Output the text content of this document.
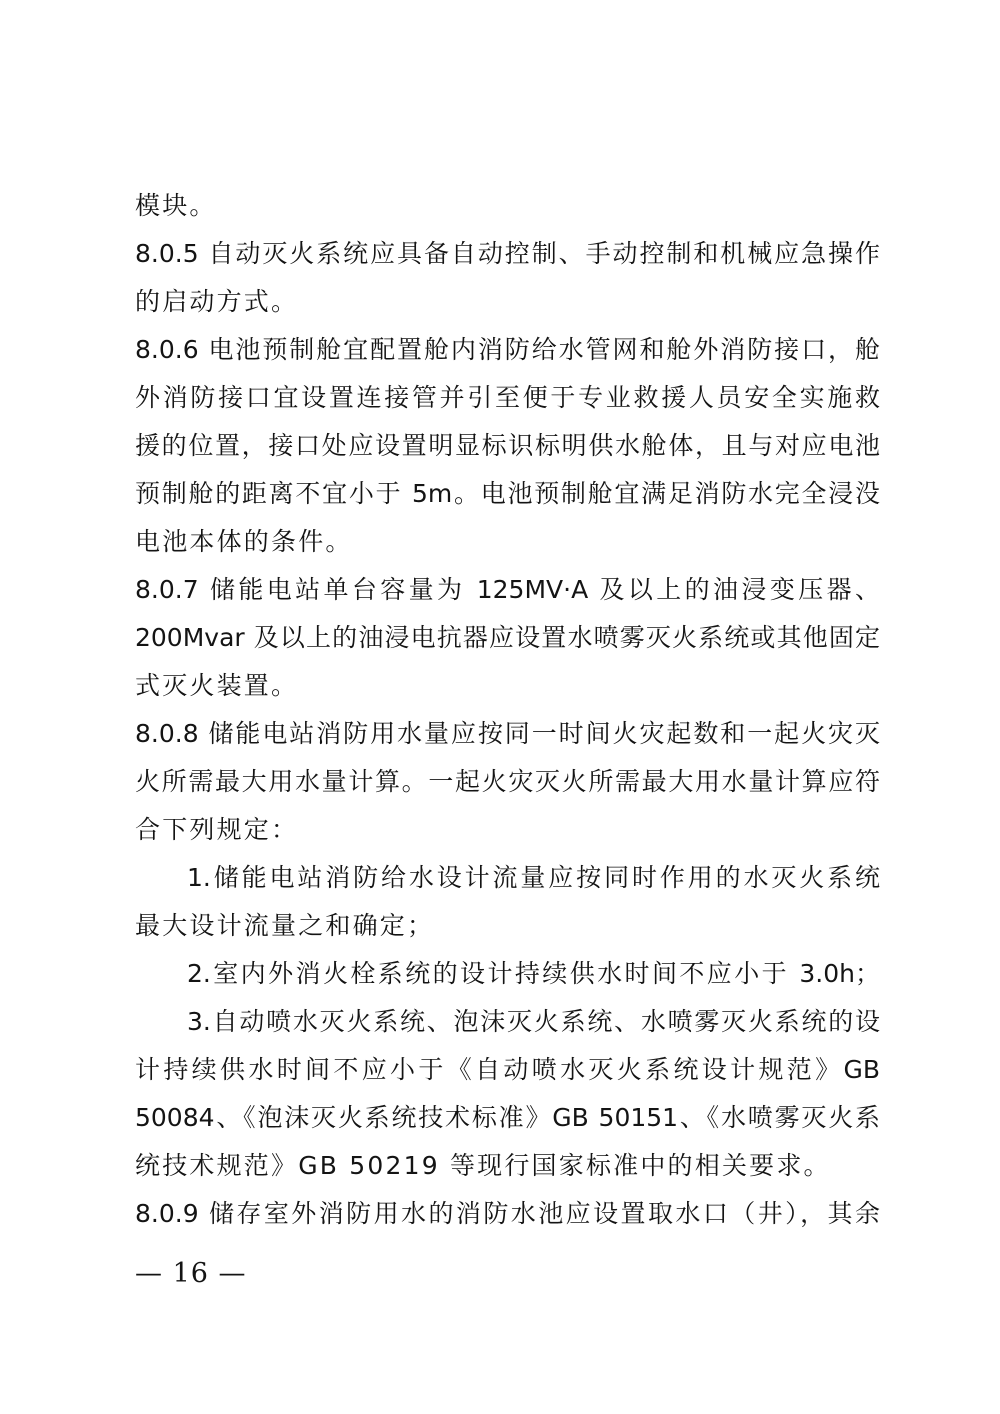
模块。
8.0.5 自动灭火系统应具备自动控制、手动控制和机械应急操作
的启动方式。
8.0.6 电池预制舱宜配置舱内消防给水管网和舱外消防接口，舱
外消防接口宜设置连接管并引至便于专业救援人员安全实施救
援的位置，接口处应设置明显标识标明供水舱体，且与对应电池
预制舱的距离不宜小于 5m。电池预制舱宜满足消防水完全浸没
电池本体的条件。
8.0.7 储能电站单台容量为 125MV·A 及以上的油浸变压器、
200Mvar 及以上的油浸电抗器应设置水喷雾灭火系统或其他固定
式灭火装置。
8.0.8 储能电站消防用水量应按同一时间火灾起数和一起火灾灭
火所需最大用水量计算。一起火灾灭火所需最大用水量计算应符
合下列规定：
1.储能电站消防给水设计流量应按同时作用的水灭火系统
最大设计流量之和确定；
2.室内外消火栓系统的设计持续供水时间不应小于 3.0h；
3.自动喷水灭火系统、泡沫灭火系统、水喷雾灭火系统的设
计持续供水时间不应小于《自动喷水灭火系统设计规范》GB
50084、《泡沫灭火系统技术标准》GB 50151、《水喷雾灭火系
统技术规范》GB 50219 等现行国家标准中的相关要求。
8.0.9 储存室外消防用水的消防水池应设置取水口（井），其余
— 16 —
